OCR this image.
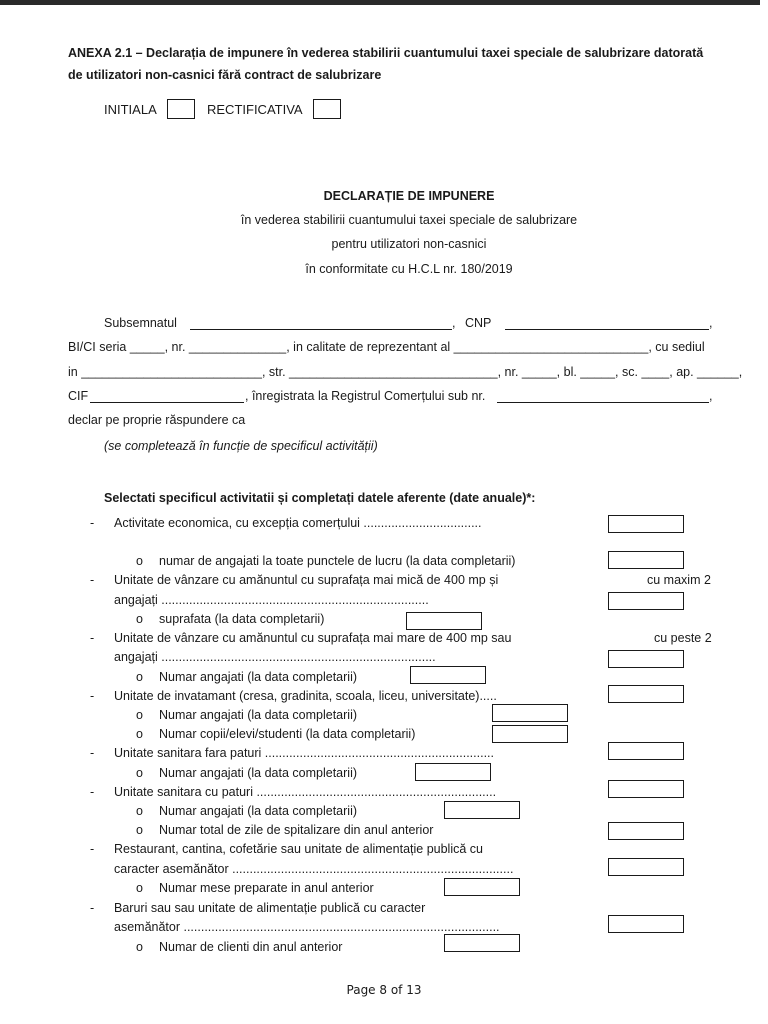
ANEXA 2.1 – Declarația de impunere în vederea stabilirii cuantumului taxei speciale de salubrizare datorată
de utilizatori non-casnici fără contract de salubrizare
INITIALA	RECTIFICATIVA
DECLARAȚIE DE IMPUNERE
în vederea stabilirii cuantumului taxei speciale de salubrizare
pentru utilizatori non-casnici
în conformitate cu H.C.L nr. 180/2019
Subsemnatul	, CNP	,
BI/CI seria _____, nr. ______________, in calitate de reprezentant al ____________________________, cu sediul
in __________________________, str. ______________________________, nr. _____, bl. _____, sc. ____, ap. ______,
CIF	, înregistrata la Registrul Comerțului sub nr.	,
declar pe proprie răspundere ca
(se completează în funcție de specificul activității)
Selectati specificul activitatii și completați datele aferente (date anuale)*:
- Activitate economica, cu excepția comerțului ..................................
o numar de angajati la toate punctele de lucru (la data completarii)
- Unitate de vânzare cu amănuntul cu suprafața mai mică de 400 mp și	cu maxim 2
angajați .............................................................................
o suprafata (la data completarii)
- Unitate de vânzare cu amănuntul cu suprafața mai mare de 400 mp sau	cu peste 2
angajați ...............................................................................
o Numar angajati (la data completarii)
- Unitate de invatamant (cresa, gradinita, scoala, liceu, universitate).....
o Numar angajati (la data completarii)
o Numar copii/elevi/studenti (la data completarii)
- Unitate sanitara fara paturi ..................................................................
o Numar angajati (la data completarii)
- Unitate sanitara cu paturi .....................................................................
o Numar angajati (la data completarii)
o Numar total de zile de spitalizare din anul anterior
- Restaurant, cantina, cofetărie sau unitate de alimentație publică cu
caracter asemănător .................................................................................
o Numar mese preparate in anul anterior
- Baruri sau sau unitate de alimentație publică cu caracter
asemănător ...........................................................................................
o Numar de clienti din anul anterior
Page 8 of 13
